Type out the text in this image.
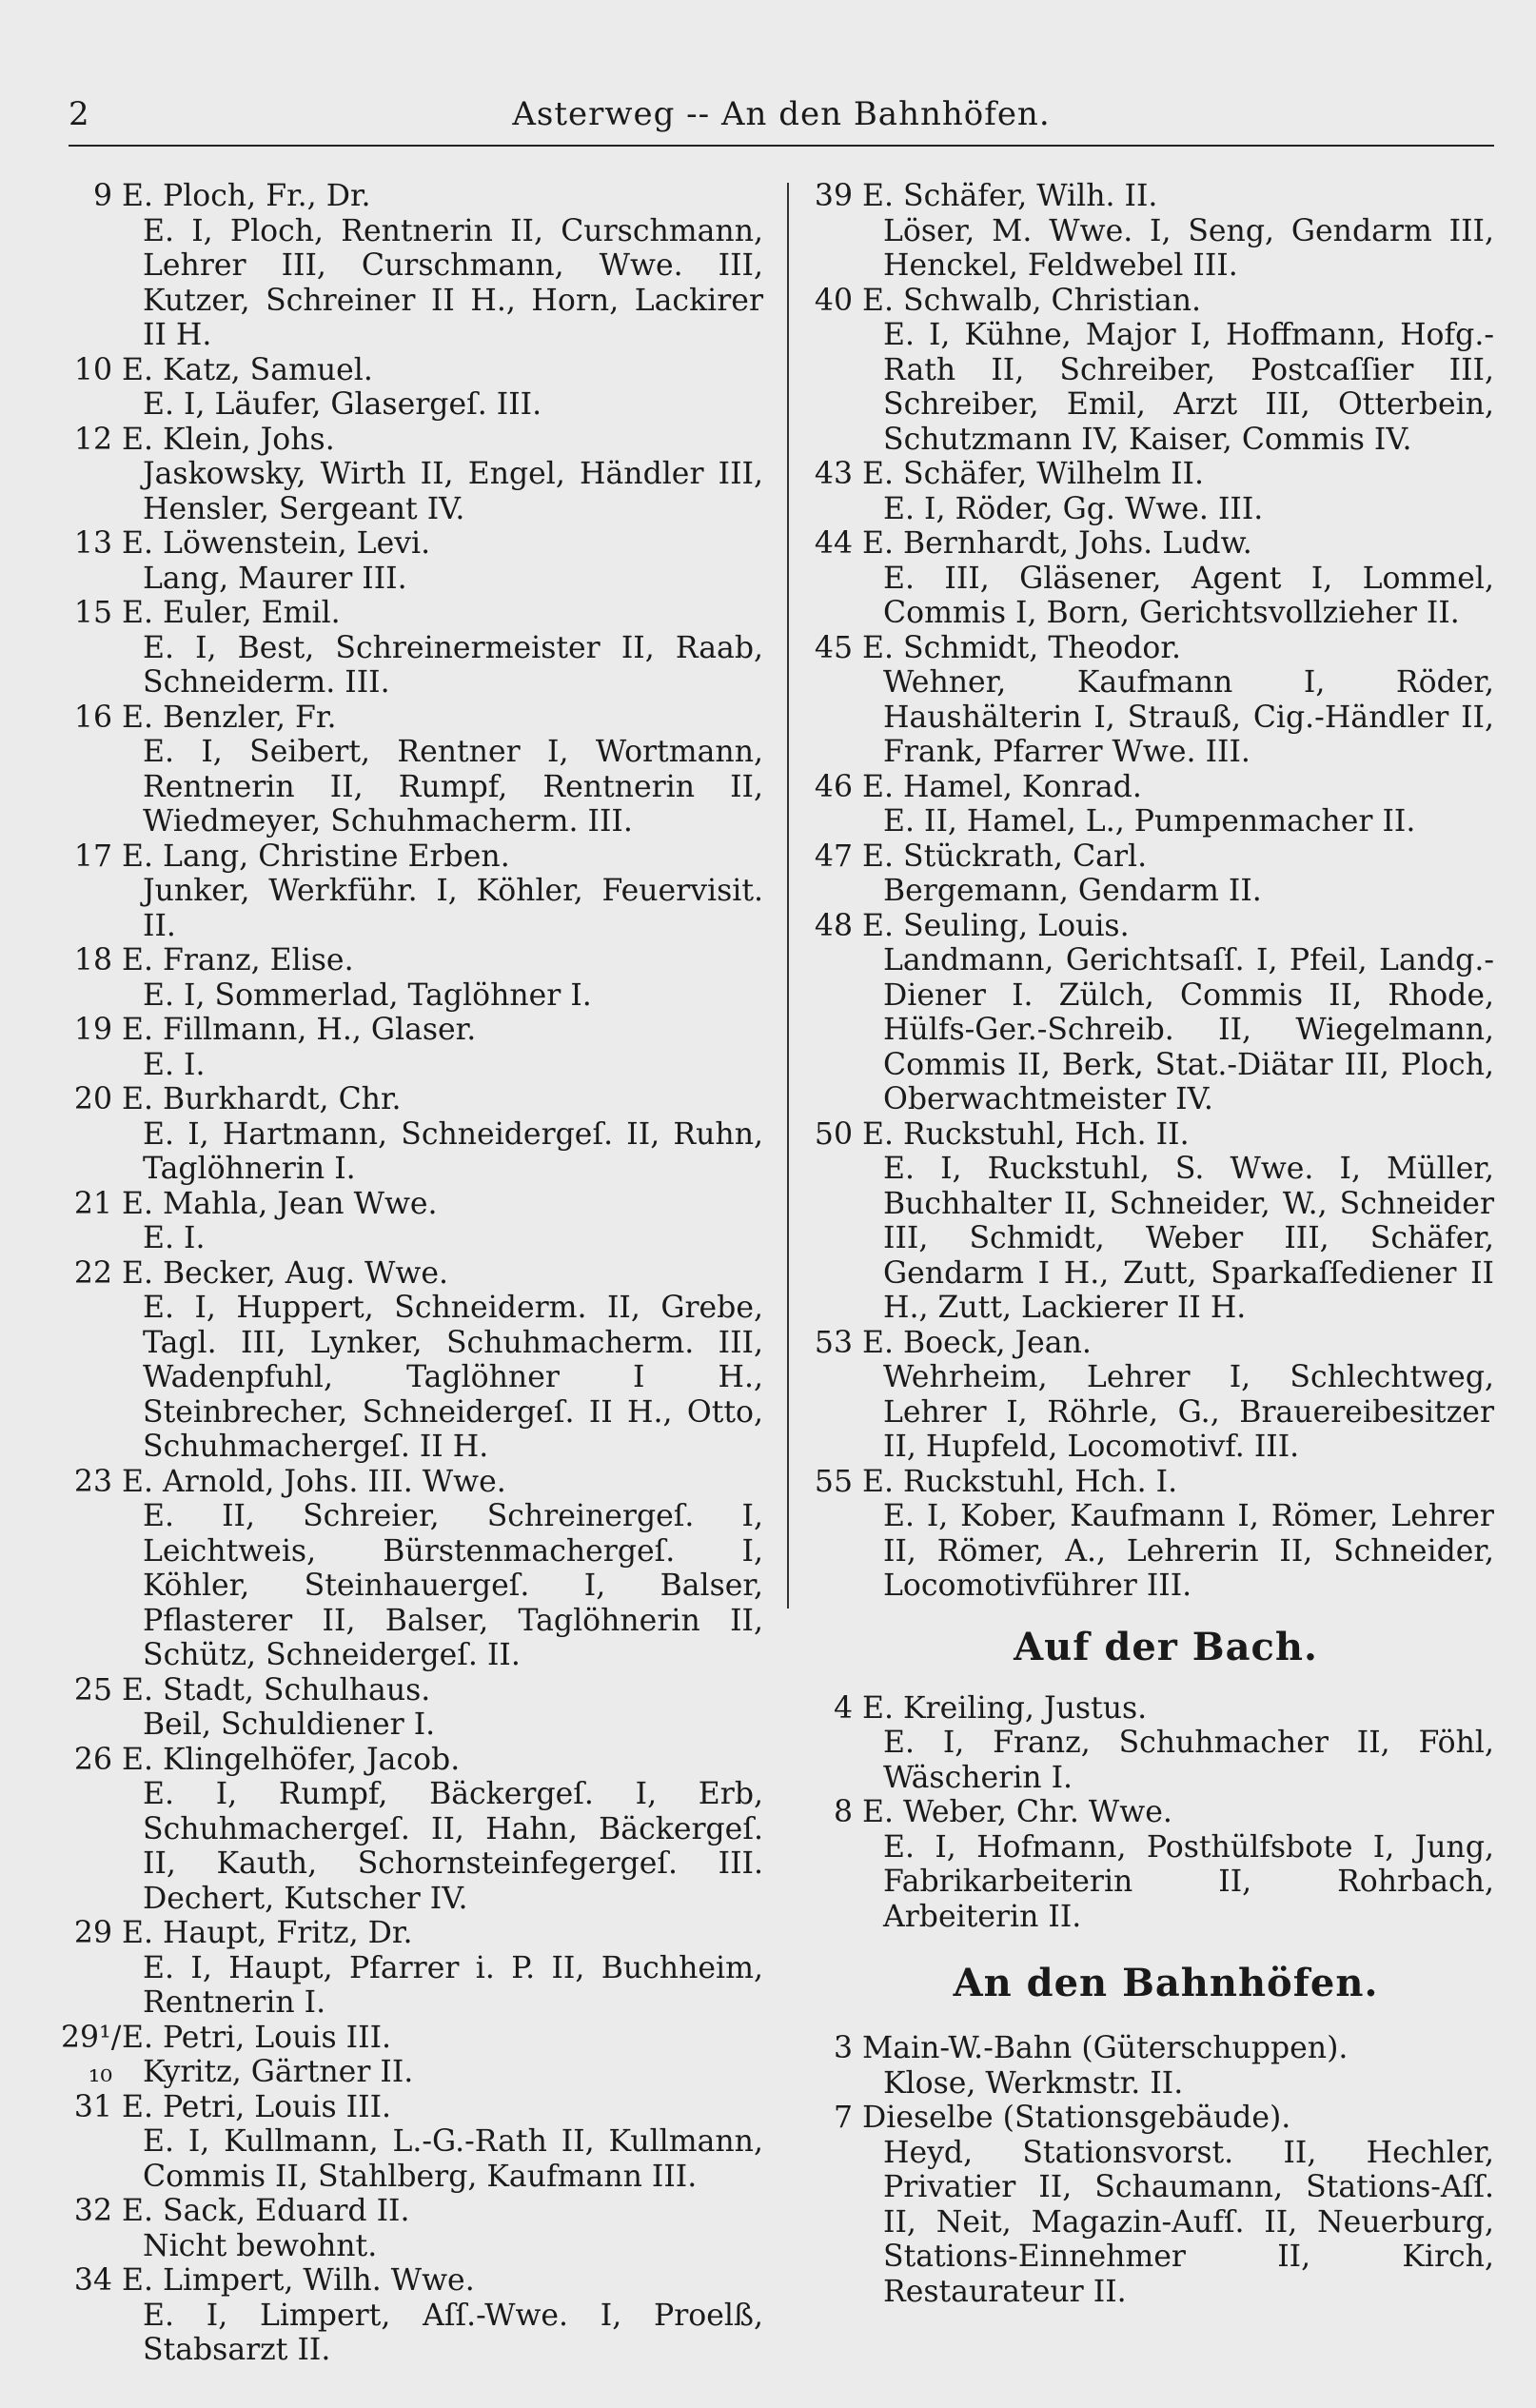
2	Asterweg -- An den Bahnhöfen.
9 E. Ploch, Fr., Dr.
E. I, Ploch, Rentnerin II, Curschmann, Lehrer III, Curschmann, Wwe. III, Kutzer, Schreiner II H., Horn, Lackirer II H.
10 E. Katz, Samuel.
E. I, Läufer, Glasergeſ. III.
12 E. Klein, Johs.
Jaskowsky, Wirth II, Engel, Händler III, Hensler, Sergeant IV.
13 E. Löwenstein, Levi.
Lang, Maurer III.
15 E. Euler, Emil.
E. I, Best, Schreinermeister II, Raab, Schneiderm. III.
16 E. Benzler, Fr.
E. I, Seibert, Rentner I, Wortmann, Rentnerin II, Rumpf, Rentnerin II, Wiedmeyer, Schuhmacherm. III.
17 E. Lang, Christine Erben.
Junker, Werkführ. I, Köhler, Feuervisit. II.
18 E. Franz, Elise.
E. I, Sommerlad, Taglöhner I.
19 E. Fillmann, H., Glaser.
E. I.
20 E. Burkhardt, Chr.
E. I, Hartmann, Schneidergeſ. II, Ruhn, Taglöhnerin I.
21 E. Mahla, Jean Wwe.
E. I.
22 E. Becker, Aug. Wwe.
E. I, Huppert, Schneiderm. II, Grebe, Tagl. III, Lynker, Schuhmacherm. III, Wadenpfuhl, Taglöhner I H., Steinbrecher, Schneidergeſ. II H., Otto, Schuhmachergeſ. II H.
23 E. Arnold, Johs. III. Wwe.
E. II, Schreier, Schreinergeſ. I, Leichtweis, Bürstenmachergeſ. I, Köhler, Steinhauergeſ. I, Balser, Pflasterer II, Balser, Taglöhnerin II, Schütz, Schneidergeſ. II.
25 E. Stadt, Schulhaus.
Beil, Schuldiener I.
26 E. Klingelhöfer, Jacob.
E. I, Rumpf, Bäckergeſ. I, Erb, Schuhmachergeſ. II, Hahn, Bäckergeſ. II, Kauth, Schornsteinfegergeſ. III. Dechert, Kutscher IV.
29 E. Haupt, Fritz, Dr.
E. I, Haupt, Pfarrer i. P. II, Buchheim, Rentnerin I.
29¹/₁₀
E. Petri, Louis III.
Kyritz, Gärtner II.
31 E. Petri, Louis III.
E. I, Kullmann, L.-G.-Rath II, Kullmann, Commis II, Stahlberg, Kaufmann III.
32 E. Sack, Eduard II.
Nicht bewohnt.
34 E. Limpert, Wilh. Wwe.
E. I, Limpert, Aſſ.-Wwe. I, Proelß, Stabsarzt II.
39 E. Schäfer, Wilh. II.
Löser, M. Wwe. I, Seng, Gendarm III, Henckel, Feldwebel III.
40 E. Schwalb, Christian.
E. I, Kühne, Major I, Hoffmann, Hofg.-Rath II, Schreiber, Postcaſſier III, Schreiber, Emil, Arzt III, Otterbein, Schutzmann IV, Kaiser, Commis IV.
43 E. Schäfer, Wilhelm II.
E. I, Röder, Gg. Wwe. III.
44 E. Bernhardt, Johs. Ludw.
E. III, Gläsener, Agent I, Lommel, Commis I, Born, Gerichtsvollzieher II.
45 E. Schmidt, Theodor.
Wehner, Kaufmann I, Röder, Haushälterin I, Strauß, Cig.-Händler II, Frank, Pfarrer Wwe. III.
46 E. Hamel, Konrad.
E. II, Hamel, L., Pumpenmacher II.
47 E. Stückrath, Carl.
Bergemann, Gendarm II.
48 E. Seuling, Louis.
Landmann, Gerichtsaſſ. I, Pfeil, Landg.-Diener I. Zülch, Commis II, Rhode, Hülfs-Ger.-Schreib. II, Wiegelmann, Commis II, Berk, Stat.-Diätar III, Ploch, Oberwachtmeister IV.
50 E. Ruckstuhl, Hch. II.
E. I, Ruckstuhl, S. Wwe. I, Müller, Buchhalter II, Schneider, W., Schneider III, Schmidt, Weber III, Schäfer, Gendarm I H., Zutt, Sparkaſſediener II H., Zutt, Lackierer II H.
53 E. Boeck, Jean.
Wehrheim, Lehrer I, Schlechtweg, Lehrer I, Röhrle, G., Brauereibesitzer II, Hupfeld, Locomotivf. III.
55 E. Ruckstuhl, Hch. I.
E. I, Kober, Kaufmann I, Römer, Lehrer II, Römer, A., Lehrerin II, Schneider, Locomotivführer III.
Auf der Bach.
4 E. Kreiling, Justus.
E. I, Franz, Schuhmacher II, Föhl, Wäscherin I.
8 E. Weber, Chr. Wwe.
E. I, Hofmann, Posthülfsbote I, Jung, Fabrikarbeiterin II, Rohrbach, Arbeiterin II.
An den Bahnhöfen.
3 Main-W.-Bahn (Güterschuppen).
Klose, Werkmstr. II.
7 Dieselbe (Stationsgebäude).
Heyd, Stationsvorst. II, Hechler, Privatier II, Schaumann, Stations-Aſſ. II, Neit, Magazin-Aufſ. II, Neuerburg, Stations-Einnehmer II, Kirch, Restaurateur II.
